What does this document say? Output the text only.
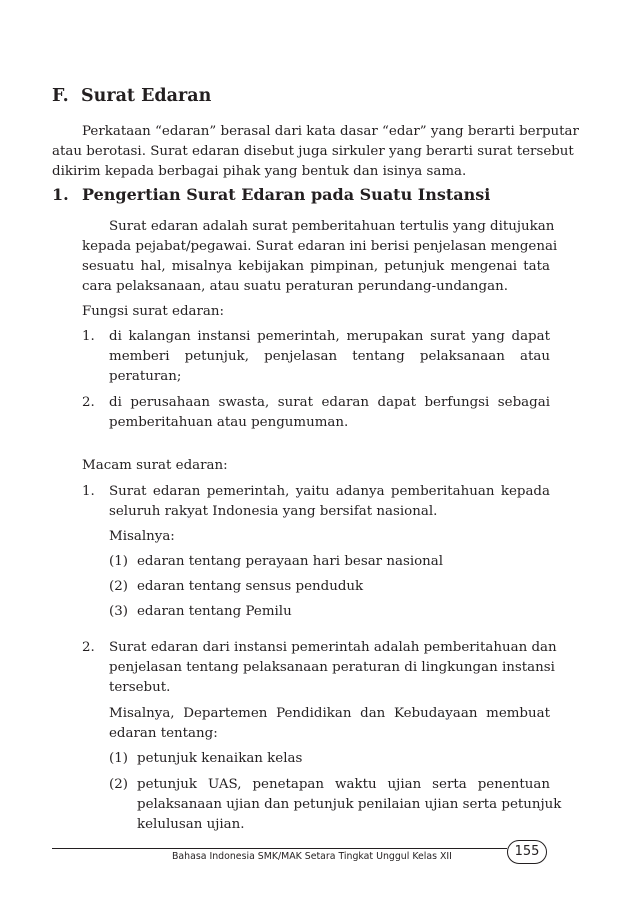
F. Surat Edaran

Perkataan “edaran” berasal dari kata dasar “edar” yang berarti berputar
atau berotasi. Surat edaran disebut juga sirkuler yang berarti surat tersebut
dikirim kepada berbagai pihak yang bentuk dan isinya sama.

1. Pengertian Surat Edaran pada Suatu Instansi

Surat edaran adalah surat pemberitahuan tertulis yang ditujukan
kepada pejabat/pegawai. Surat edaran ini berisi penjelasan mengenai
sesuatu hal, misalnya kebijakan pimpinan, petunjuk mengenai tata
cara pelaksanaan, atau suatu peraturan perundang-undangan.

Fungsi surat edaran:

1. di kalangan instansi pemerintah, merupakan surat yang dapat
memberi petunjuk, penjelasan tentang pelaksanaan atau
peraturan;
2. di perusahaan swasta, surat edaran dapat berfungsi sebagai
pemberitahuan atau pengumuman.

Macam surat edaran:

1. Surat edaran pemerintah, yaitu adanya pemberitahuan kepada
seluruh rakyat Indonesia yang bersifat nasional.
Misalnya:
(1) edaran tentang perayaan hari besar nasional
(2) edaran tentang sensus penduduk
(3) edaran tentang Pemilu
2. Surat edaran dari instansi pemerintah adalah pemberitahuan dan
penjelasan tentang pelaksanaan peraturan di lingkungan instansi
tersebut.
Misalnya, Departemen Pendidikan dan Kebudayaan membuat
edaran tentang:
(1) petunjuk kenaikan kelas
(2) petunjuk UAS, penetapan waktu ujian serta penentuan
pelaksanaan ujian dan petunjuk penilaian ujian serta petunjuk
kelulusan ujian.
Bahasa Indonesia SMK/MAK Setara Tingkat Unggul Kelas XII	155
